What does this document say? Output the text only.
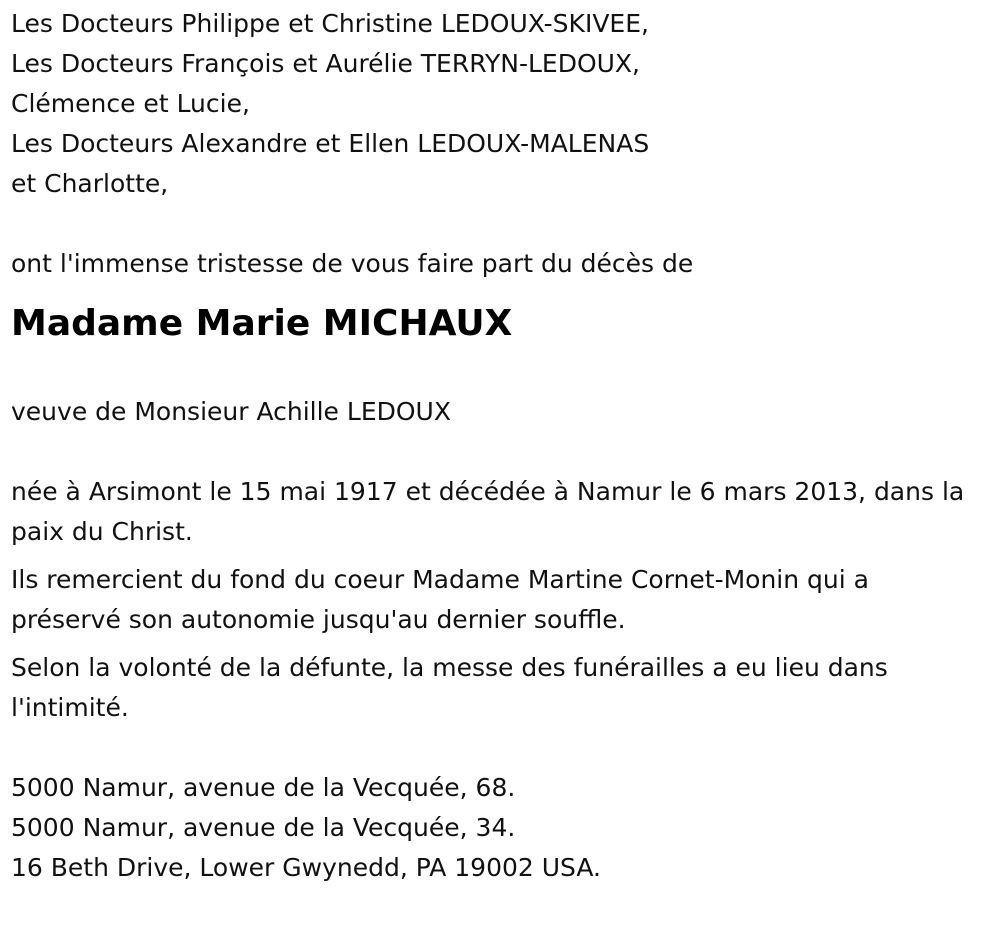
Les Docteurs Philippe et Christine LEDOUX-SKIVEE,
Les Docteurs François et Aurélie TERRYN-LEDOUX,
Clémence et Lucie,
Les Docteurs Alexandre et Ellen LEDOUX-MALENAS
et Charlotte,
ont l'immense tristesse de vous faire part du décès de
Madame Marie MICHAUX
veuve de Monsieur Achille LEDOUX

née à Arsimont le 15 mai 1917 et décédée à Namur le 6 mars 2013, dans la paix du Christ.

Ils remercient du fond du coeur Madame Martine Cornet-Monin qui a préservé son autonomie jusqu'au dernier souffle.

Selon la volonté de la défunte, la messe des funérailles a eu lieu dans l'intimité.

5000 Namur, avenue de la Vecquée, 68.
5000 Namur, avenue de la Vecquée, 34.
16 Beth Drive, Lower Gwynedd, PA 19002 USA.
